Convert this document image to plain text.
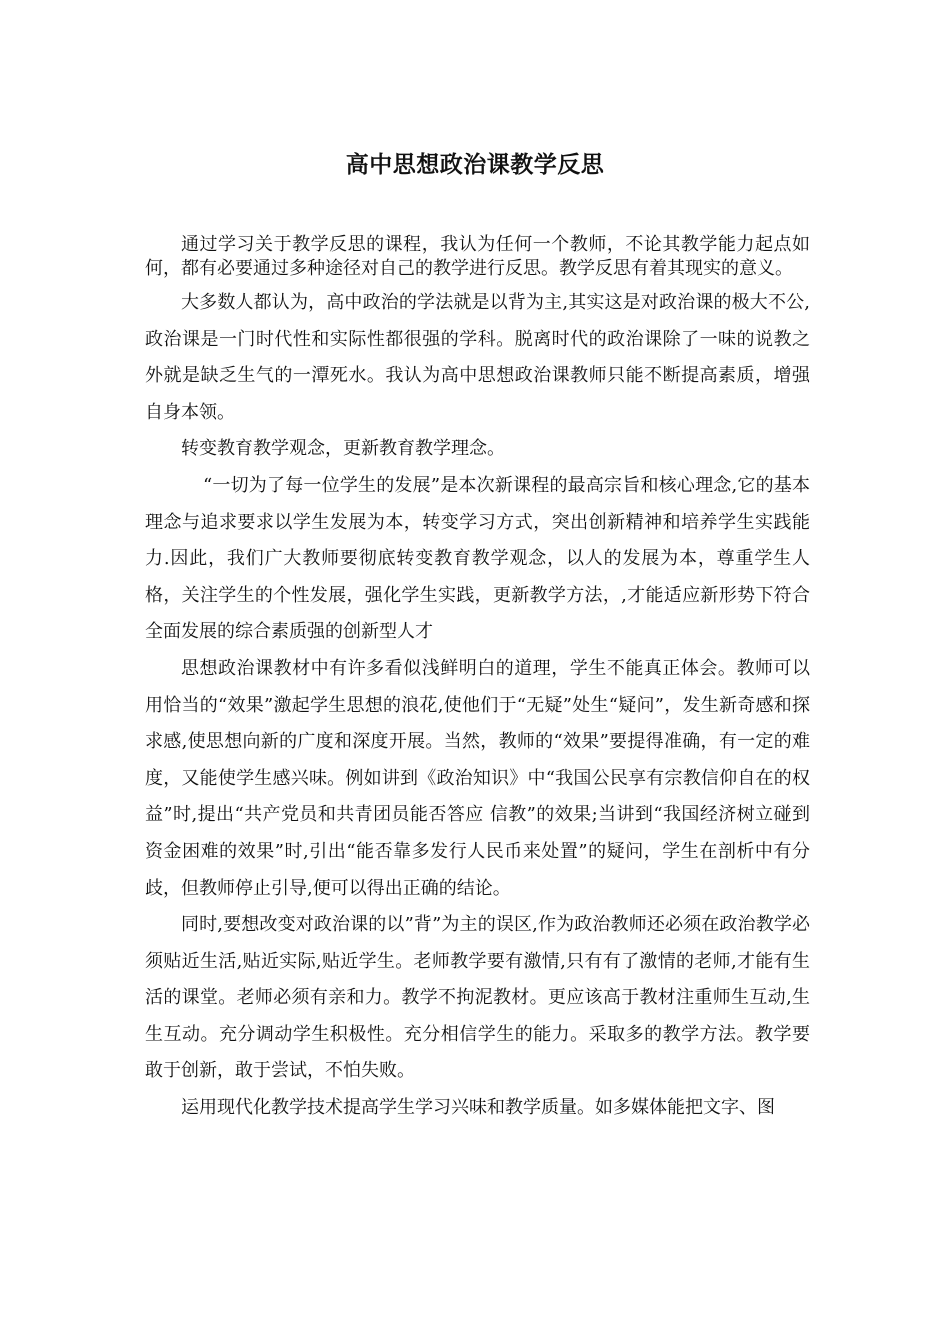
高中思想政治课教学反思

通过学习关于教学反思的课程，我认为任何一个教师，不论其教学能力起点如何，都有必要通过多种途径对自己的教学进行反思。教学反思有着其现实的意义。

大多数人都认为，高中政治的学法就是以背为主,其实这是对政治课的极大不公,政治课是一门时代性和实际性都很强的学科。脱离时代的政治课除了一味的说教之外就是缺乏生气的一潭死水。我认为高中思想政治课教师只能不断提高素质，增强自身本领。

转变教育教学观念，更新教育教学理念。

“一切为了每一位学生的发展”是本次新课程的最高宗旨和核心理念,它的基本理念与追求要求以学生发展为本，转变学习方式，突出创新精神和培养学生实践能力.因此，我们广大教师要彻底转变教育教学观念，以人的发展为本，尊重学生人格，关注学生的个性发展，强化学生实践，更新教学方法，,才能适应新形势下符合全面发展的综合素质强的创新型人才

思想政治课教材中有许多看似浅鲜明白的道理，学生不能真正体会。教师可以用恰当的“效果”激起学生思想的浪花,使他们于“无疑”处生“疑问”，发生新奇感和探求感,使思想向新的广度和深度开展。当然，教师的“效果”要提得准确，有一定的难度，又能使学生感兴味。例如讲到《政治知识》中“我国公民享有宗教信仰自在的权益”时,提出“共产党员和共青团员能否答应 信教”的效果;当讲到“我国经济树立碰到 资金困难的效果”时,引出“能否靠多发行人民币来处置”的疑问，学生在剖析中有分歧，但教师停止引导,便可以得出正确的结论。

同时,要想改变对政治课的以”背”为主的误区,作为政治教师还必须在政治教学必须贴近生活,贴近实际,贴近学生。老师教学要有激情,只有有了激情的老师,才能有生活的课堂。老师必须有亲和力。教学不拘泥教材。更应该高于教材注重师生互动,生生互动。充分调动学生积极性。充分相信学生的能力。采取多的教学方法。教学要敢于创新，敢于尝试，不怕失败。

运用现代化教学技术提高学生学习兴味和教学质量。如多媒体能把文字、图
